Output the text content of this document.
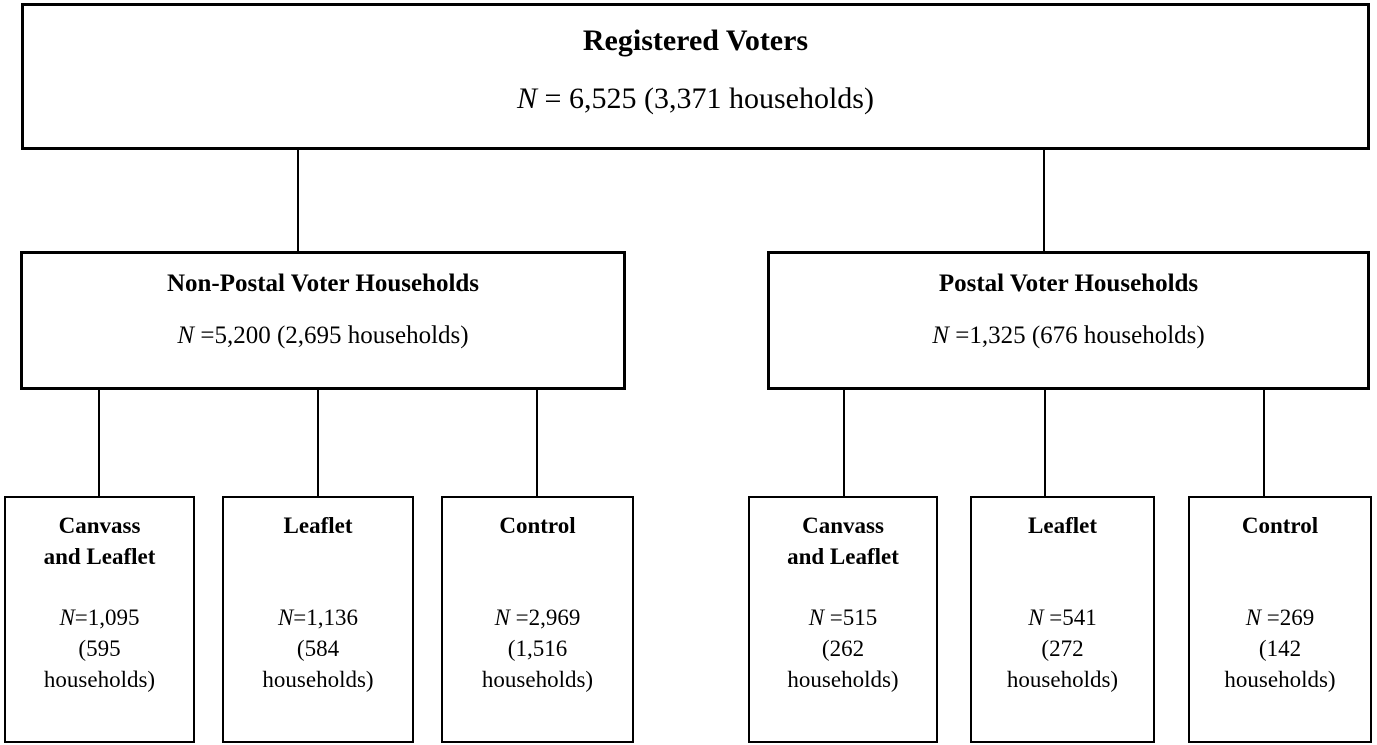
Registered Voters
N = 6,525 (3,371 households)
Non-Postal Voter Households
N =5,200 (2,695 households)
Postal Voter Households
N =1,325 (676 households)
Canvass
and Leaflet
N=1,095
(595
households)
Leaflet
N=1,136
(584
households)
Control
N =2,969
(1,516
households)
Canvass
and Leaflet
N =515
(262
households)
Leaflet
N =541
(272
households)
Control
N =269
(142
households)
